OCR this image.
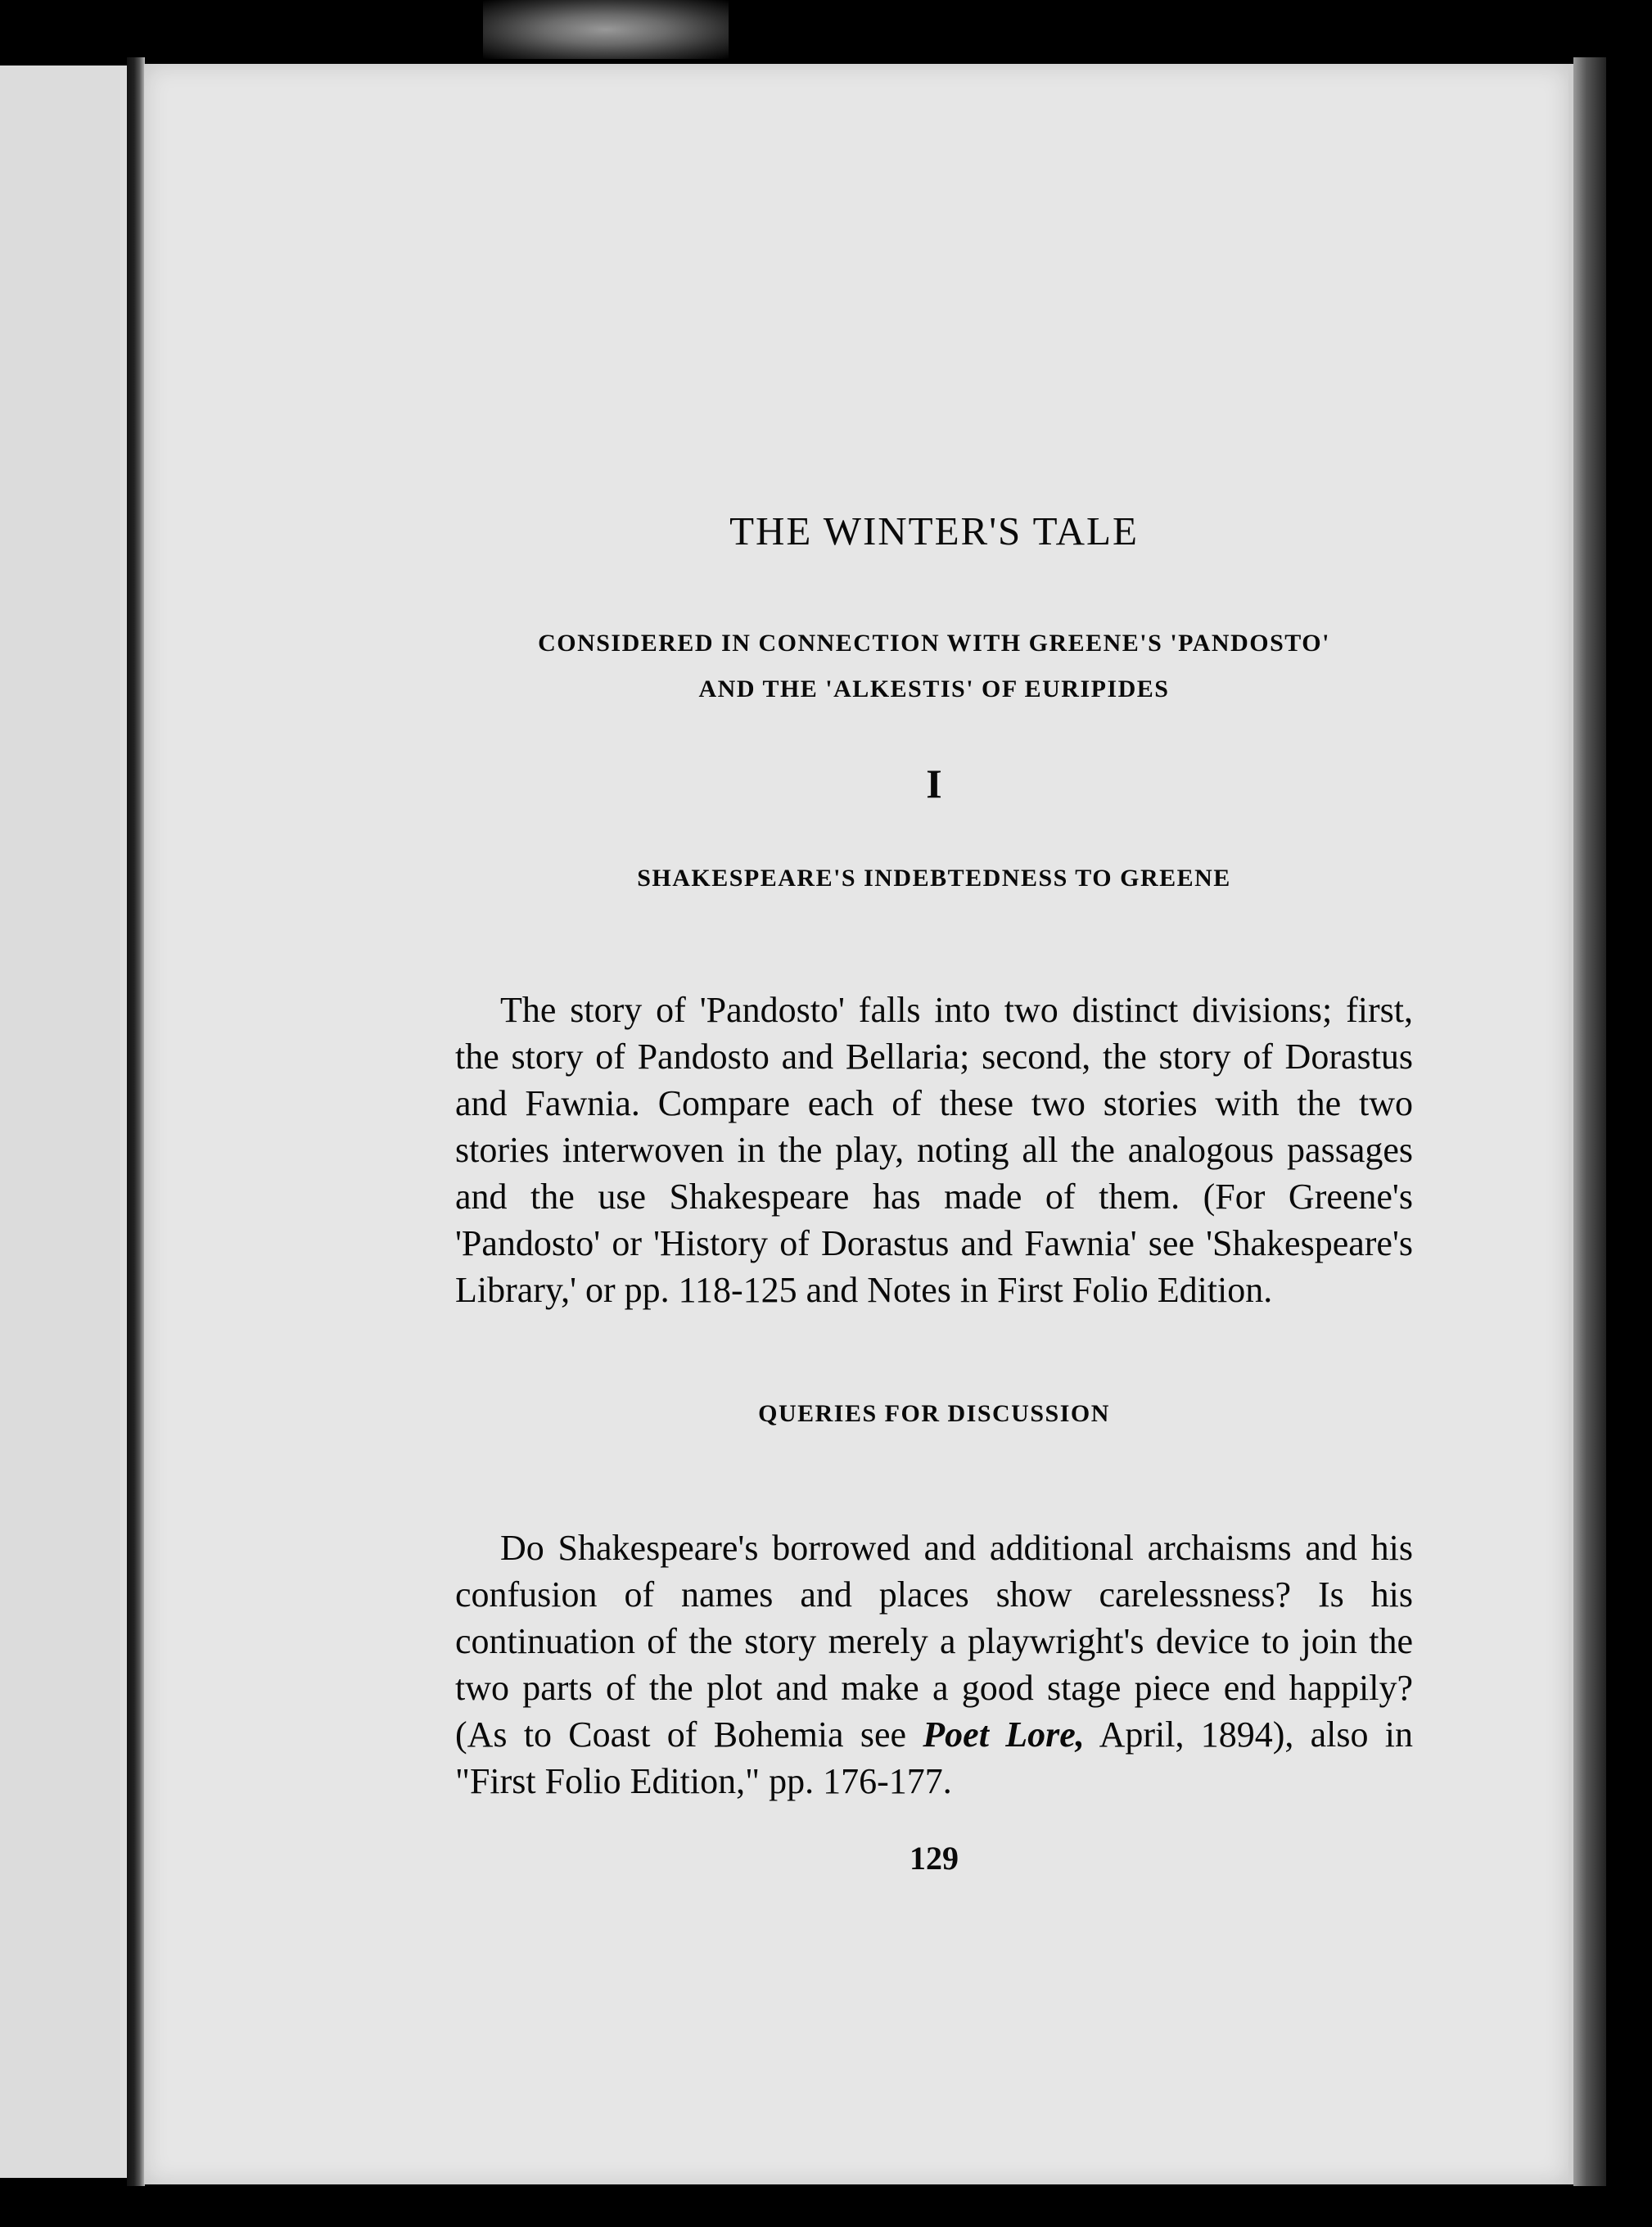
THE WINTER'S TALE
CONSIDERED IN CONNECTION WITH GREENE'S 'PANDOSTO'
AND THE 'ALKESTIS' OF EURIPIDES
I
SHAKESPEARE'S INDEBTEDNESS TO GREENE

The story of 'Pandosto' falls into two distinct divisions; first, the story of Pandosto and Bellaria; second, the story of Dorastus and Fawnia. Compare each of these two stories with the two stories interwoven in the play, noting all the analogous passages and the use Shakespeare has made of them. (For Greene's 'Pandosto' or 'History of Dorastus and Fawnia' see 'Shakespeare's Library,' or pp. 118-125 and Notes in First Folio Edition.

QUERIES FOR DISCUSSION

Do Shakespeare's borrowed and additional archaisms and his confusion of names and places show carelessness? Is his continuation of the story merely a playwright's device to join the two parts of the plot and make a good stage piece end happily? (As to Coast of Bohemia see Poet Lore, April, 1894), also in "First Folio Edition," pp. 176-177.

129
